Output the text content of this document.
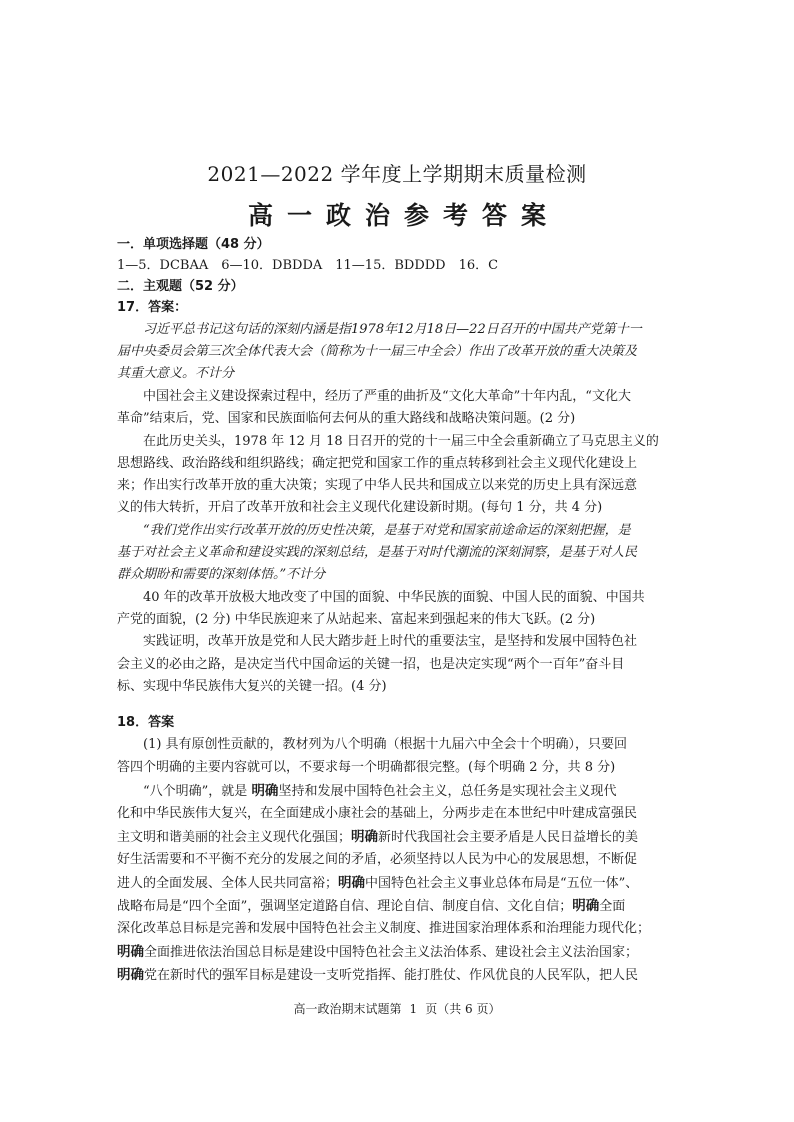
2021—2022 学年度上学期期末质量检测
高一政治参考答案
一．单项选择题（48 分）
1—5．DCBAA　6—10．DBDDA　11—15．BDDDD　16．C
二．主观题（52 分）
17．答案：
　　习近平总书记这句话的深刻内涵是指1978年12月18日—22日召开的中国共产党第十一
届中央委员会第三次全体代表大会（简称为十一届三中全会）作出了改革开放的重大决策及
其重大意义。不计分
　　中国社会主义建设探索过程中，经历了严重的曲折及“文化大革命”十年内乱，“文化大
革命”结束后，党、国家和民族面临何去何从的重大路线和战略决策问题。(2 分)
　　在此历史关头，1978 年 12 月 18 日召开的党的十一届三中全会重新确立了马克思主义的
思想路线、政治路线和组织路线；确定把党和国家工作的重点转移到社会主义现代化建设上
来；作出实行改革开放的重大决策；实现了中华人民共和国成立以来党的历史上具有深远意
义的伟大转折，开启了改革开放和社会主义现代化建设新时期。(每句 1 分，共 4 分)
　　“我们党作出实行改革开放的历史性决策，是基于对党和国家前途命运的深刻把握，是
基于对社会主义革命和建设实践的深刻总结，是基于对时代潮流的深刻洞察，是基于对人民
群众期盼和需要的深刻体悟。”不计分
　　40 年的改革开放极大地改变了中国的面貌、中华民族的面貌、中国人民的面貌、中国共
产党的面貌，(2 分) 中华民族迎来了从站起来、富起来到强起来的伟大飞跃。(2 分)
　　实践证明，改革开放是党和人民大踏步赶上时代的重要法宝，是坚持和发展中国特色社
会主义的必由之路，是决定当代中国命运的关键一招，也是决定实现“两个一百年”奋斗目
标、实现中华民族伟大复兴的关键一招。(4 分)
18．答案
　　(1) 具有原创性贡献的，教材列为八个明确（根据十九届六中全会十个明确），只要回
答四个明确的主要内容就可以，不要求每一个明确都很完整。(每个明确 2 分，共 8 分)
　　“八个明确”，就是 明确坚持和发展中国特色社会主义，总任务是实现社会主义现代
化和中华民族伟大复兴，在全面建成小康社会的基础上，分两步走在本世纪中叶建成富强民
主文明和谐美丽的社会主义现代化强国；明确新时代我国社会主要矛盾是人民日益增长的美
好生活需要和不平衡不充分的发展之间的矛盾，必须坚持以人民为中心的发展思想，不断促
进人的全面发展、全体人民共同富裕；明确中国特色社会主义事业总体布局是“五位一体”、
战略布局是“四个全面”，强调坚定道路自信、理论自信、制度自信、文化自信；明确全面
深化改革总目标是完善和发展中国特色社会主义制度、推进国家治理体系和治理能力现代化；
明确全面推进依法治国总目标是建设中国特色社会主义法治体系、建设社会主义法治国家；
明确党在新时代的强军目标是建设一支听党指挥、能打胜仗、作风优良的人民军队，把人民
高一政治期末试题第 1 页（共 6 页）
